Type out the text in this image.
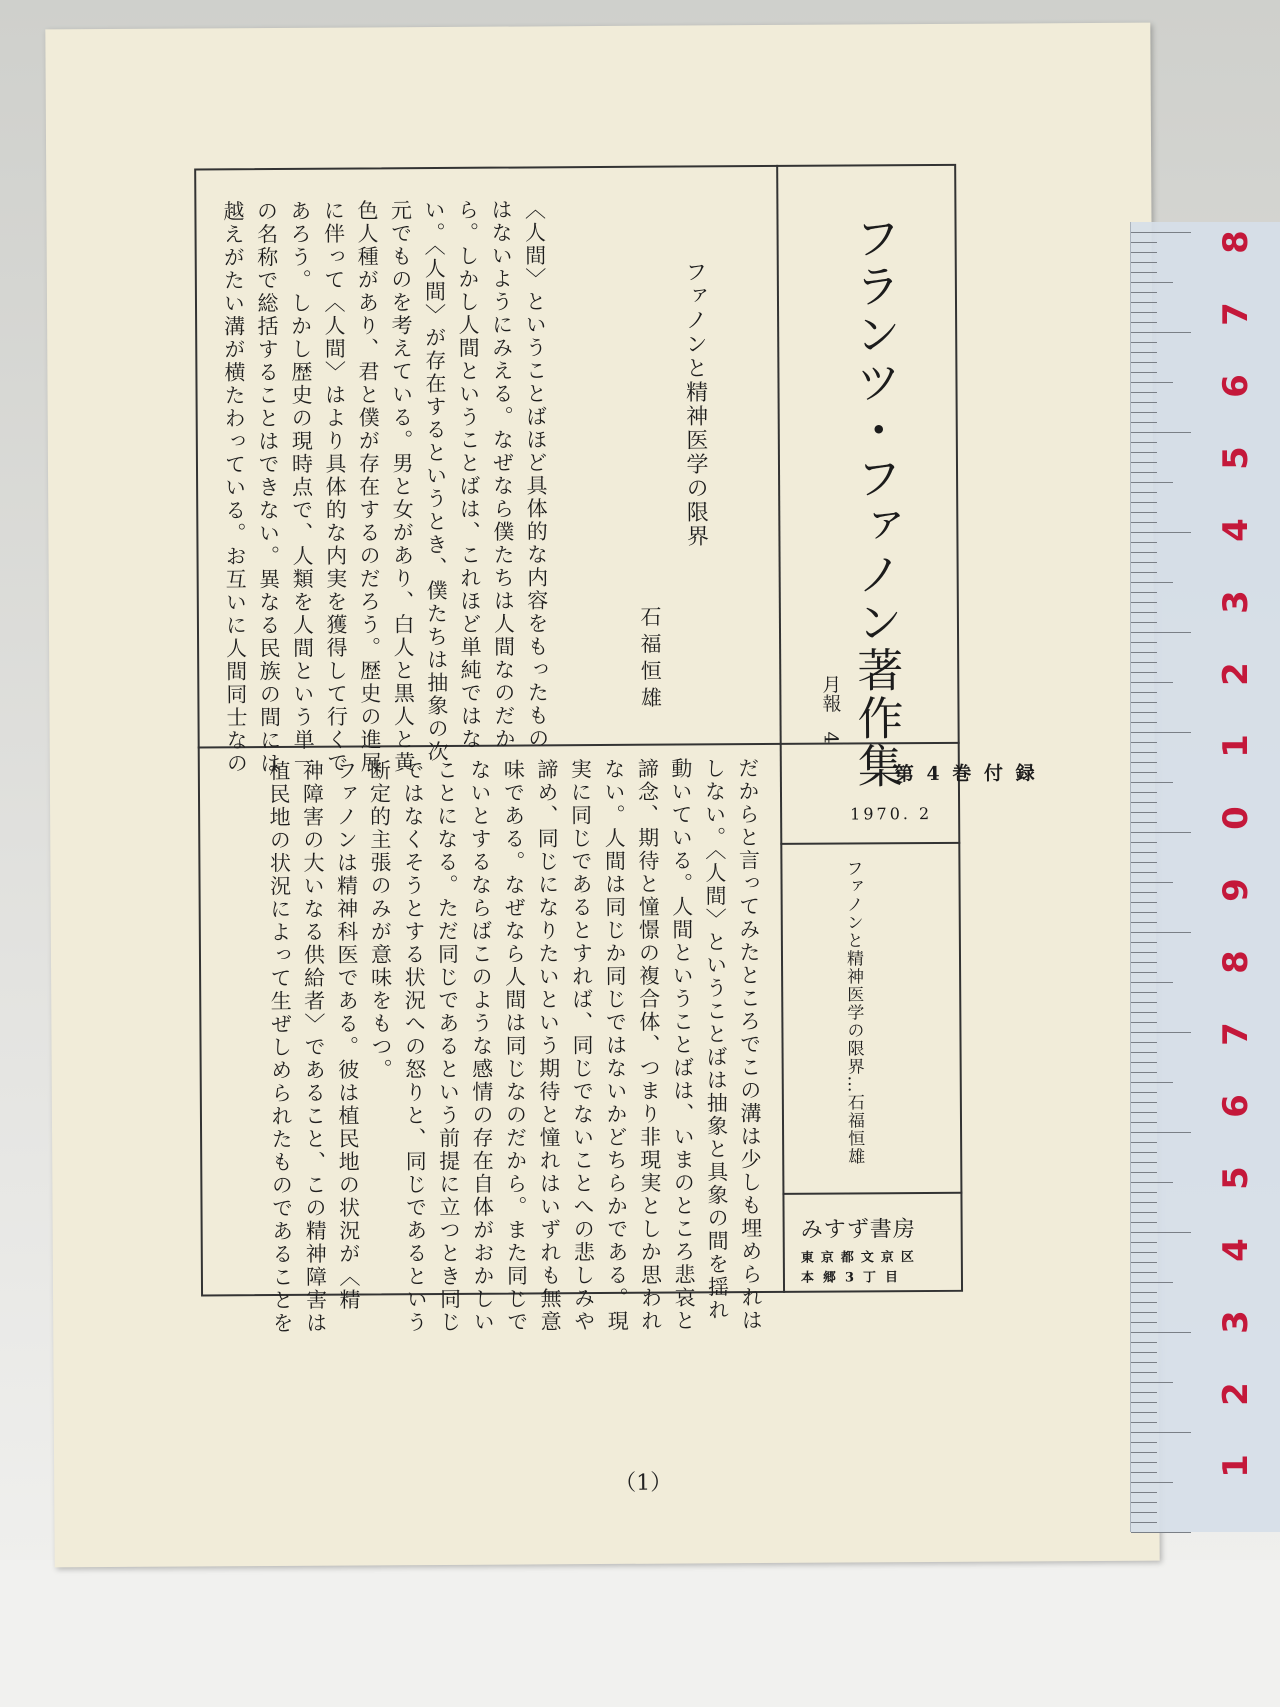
フランツ・ファノン著作集
月報　4
第 4 巻 付 録
1970. 2
ファノンと精神医学の限界…石福恒雄
みすず書房
東京都文京区
本郷3丁目
ファノンと精神医学の限界
石福恒雄
〈人間〉ということばほど具体的な内容をもったもの
はないようにみえる。なぜなら僕たちは人間なのだか
ら。しかし人間ということばは、これほど単純ではな
い。〈人間〉が存在するというとき、僕たちは抽象の次
元でものを考えている。男と女があり、白人と黒人と黄
色人種があり、君と僕が存在するのだろう。歴史の進展
に伴って〈人間〉はより具体的な内実を獲得して行くで
あろう。しかし歴史の現時点で、人類を人間という単一
の名称で総括することはできない。異なる民族の間には
越えがたい溝が横たわっている。お互いに人間同士なの
だからと言ってみたところでこの溝は少しも埋められは
しない。〈人間〉ということばは抽象と具象の間を揺れ
動いている。人間ということばは、いまのところ悲哀と
諦念、期待と憧憬の複合体、つまり非現実としか思われ
ない。人間は同じか同じではないかどちらかである。現
実に同じであるとすれば、同じでないことへの悲しみや
諦め、同じになりたいという期待と憧れはいずれも無意
味である。なぜなら人間は同じなのだから。また同じで
ないとするならばこのような感情の存在自体がおかしい
ことになる。ただ同じであるという前提に立つとき同じ
ではなくそうとする状況への怒りと、同じであるという
断定的主張のみが意味をもつ。
ファノンは精神科医である。彼は植民地の状況が〈精
神障害の大いなる供給者〉であること、この精神障害は
植民地の状況によって生ぜしめられたものであることを
（1）
8
7
6
5
4
3
2
1
0
9
8
7
6
5
4
3
2
1
